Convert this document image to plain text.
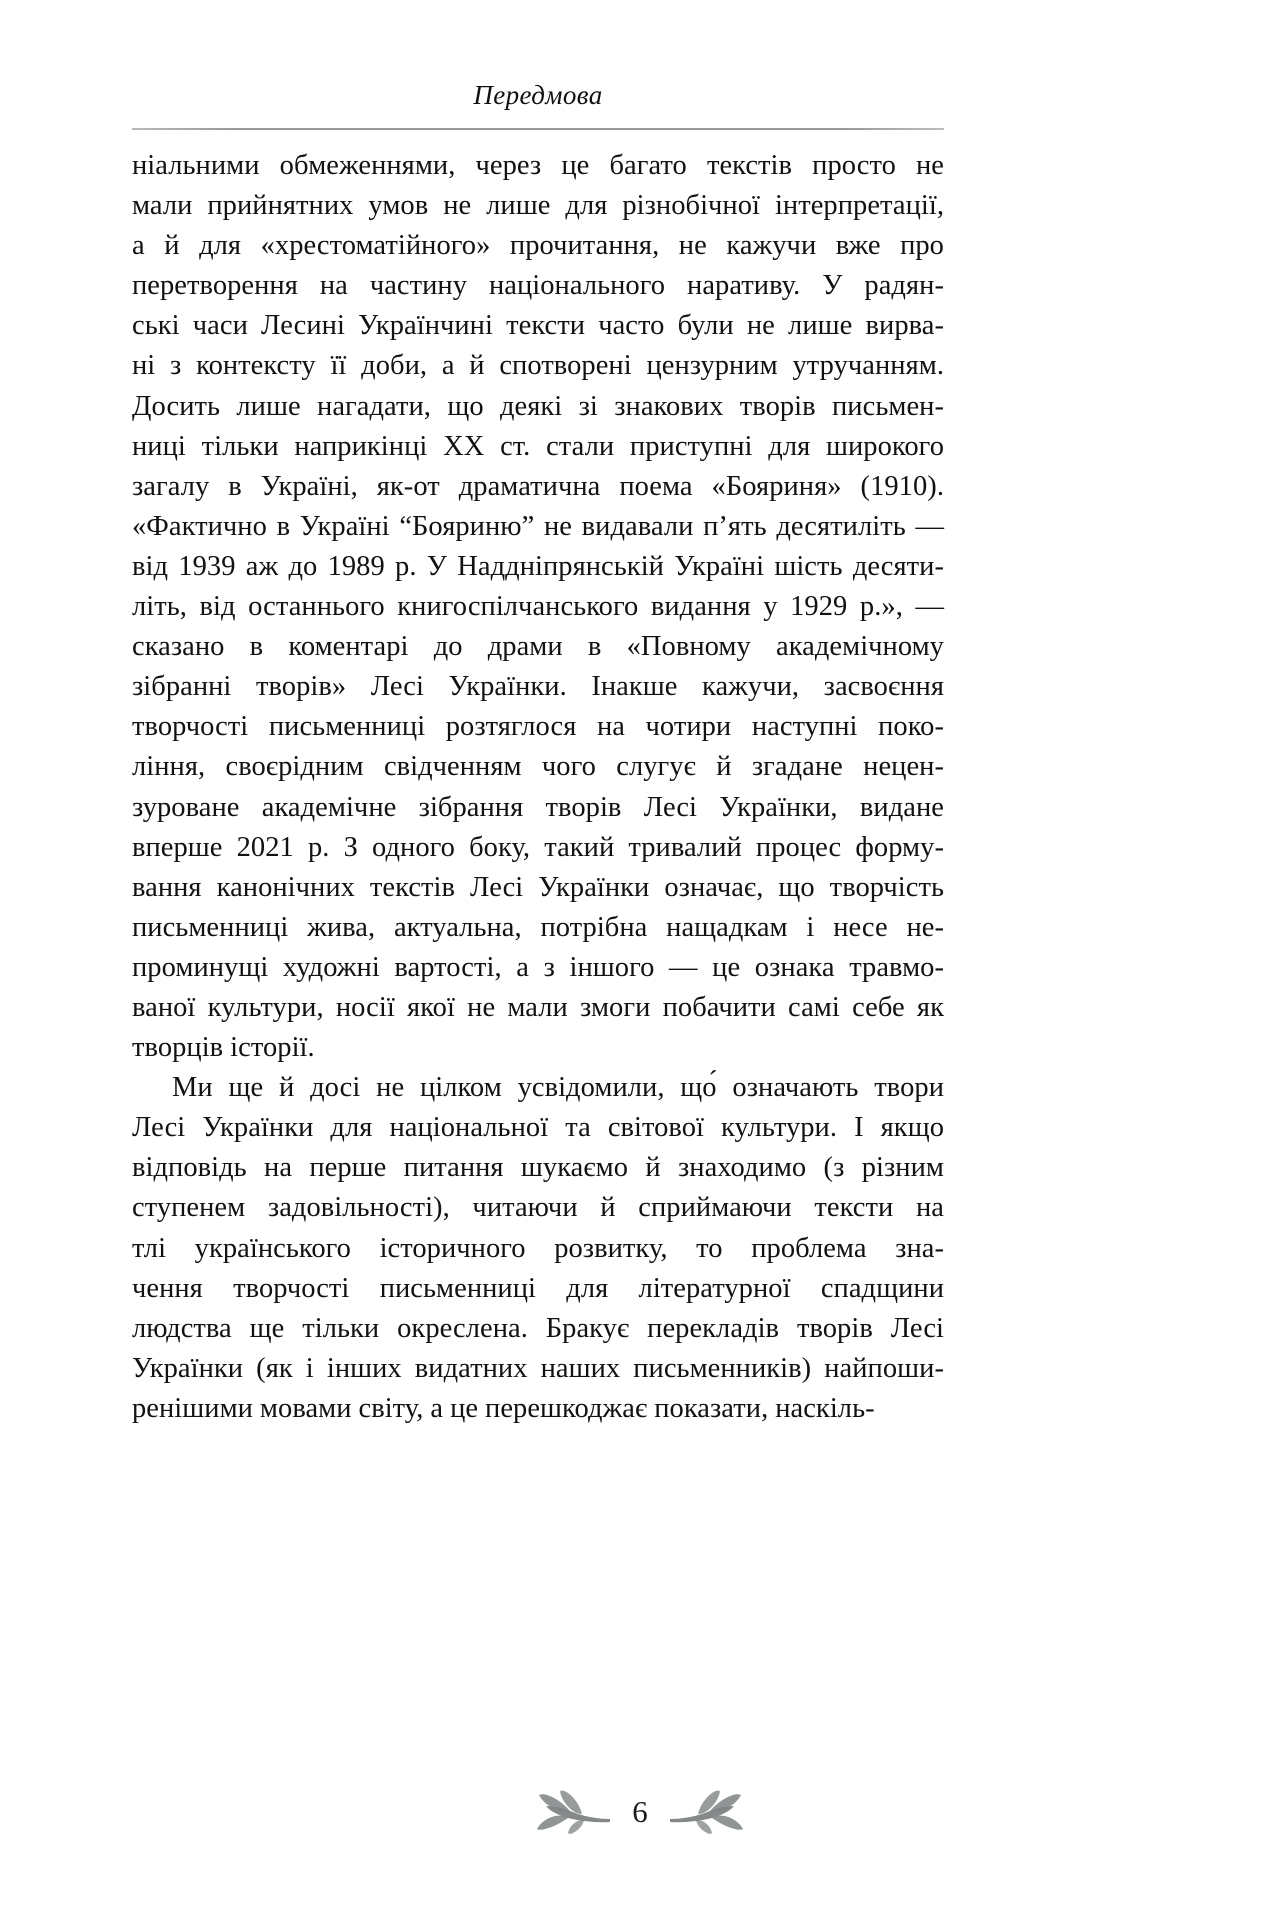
Передмова

ніальними обмеженнями, через це багато текстів просто не
мали прийнятних умов не лише для різнобічної інтерпретації,
а й для «хрестоматійного» прочитання, не кажучи вже про
перетворення на частину національного наративу. У радян-
ські часи Лесині Українчині тексти часто були не лише вирва-
ні з контексту її доби, а й спотворені цензурним утручанням.
Досить лише нагадати, що деякі зі знакових творів письмен-
ниці тільки наприкінці XX ст. стали приступні для широкого
загалу в Україні, як-от драматична поема «Бояриня» (1910).
«Фактично в Україні “Бояриню” не видавали п’ять десятиліть —
від 1939 аж до 1989 р. У Наддніпрянській Україні шість десяти-
літь, від останнього книгоспілчанського видання у 1929 р.», —
сказано в коментарі до драми в «Повному академічному
зібранні творів» Лесі Українки. Інакше кажучи, засвоєння
творчості письменниці розтяглося на чотири наступні поко-
ління, своєрідним свідченням чого слугує й згадане нецен-
зуроване академічне зібрання творів Лесі Українки, видане
вперше 2021 р. З одного боку, такий тривалий процес форму-
вання канонічних текстів Лесі Українки означає, що творчість
письменниці жива, актуальна, потрібна нащадкам і несе не-
проминущі художні вартості, а з іншого — це ознака травмо-
ваної культури, носії якої не мали змоги побачити самі себе як
творців історії.

Ми ще й досі не цілком усвідомили, що́ означають твори
Лесі Українки для національної та світової культури. І якщо
відповідь на перше питання шукаємо й знаходимо (з різним
ступенем задовільності), читаючи й сприймаючи тексти на
тлі українського історичного розвитку, то проблема зна-
чення творчості письменниці для літературної спадщини
людства ще тільки окреслена. Бракує перекладів творів Лесі
Українки (як і інших видатних наших письменників) найпоши-
ренішими мовами світу, а це перешкоджає показати, наскіль-

6
